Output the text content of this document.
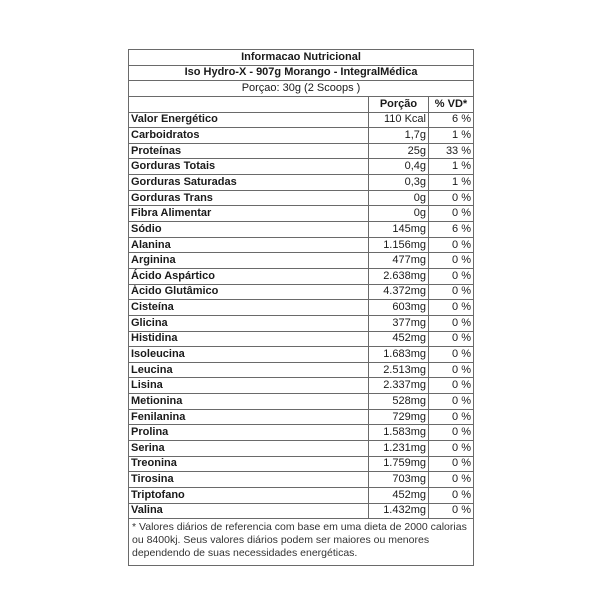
Informacao Nutricional		
Iso Hydro-X - 907g Morango - IntegralMédica		
Porçao: 30g (2 Scoops )		
	Porção	% VD*
Valor Energético	110 Kcal	6 %
Carboidratos	1,7g	1 %
Proteínas	25g	33 %
Gorduras Totais	0,4g	1 %
Gorduras Saturadas	0,3g	1 %
Gorduras Trans	0g	0 %
Fibra Alimentar	0g	0 %
Sódio	145mg	6 %
Alanina	1.156mg	0 %
Arginina	477mg	0 %
Ácido Aspártico	2.638mg	0 %
Ácido Glutâmico	4.372mg	0 %
Cisteína	603mg	0 %
Glicina	377mg	0 %
Histidina	452mg	0 %
Isoleucina	1.683mg	0 %
Leucina	2.513mg	0 %
Lisina	2.337mg	0 %
Metionina	528mg	0 %
Fenilanina	729mg	0 %
Prolina	1.583mg	0 %
Serina	1.231mg	0 %
Treonina	1.759mg	0 %
Tirosina	703mg	0 %
Triptofano	452mg	0 %
Valina	1.432mg	0 %
* Valores diários de referencia com base em uma dieta de 2000 calorias ou 8400kj. Seus valores diários podem ser maiores ou menores dependendo de suas necessidades energéticas.		
